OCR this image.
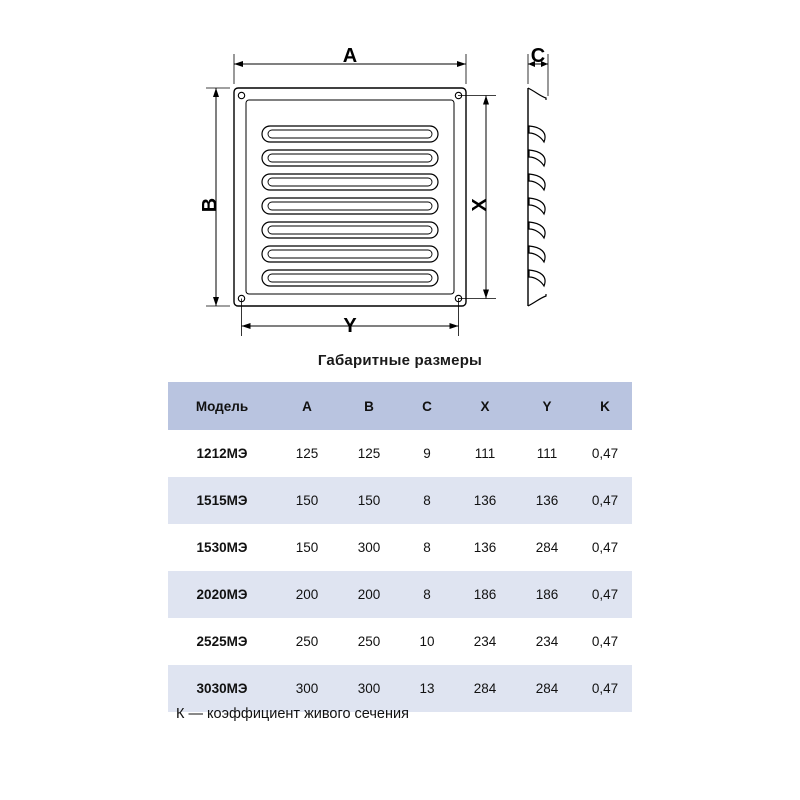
A
B
C
X
Y
Габаритные размеры
Модель	A	B	C	X	Y	K
1212МЭ	125	125	9	111	111	0,47
1515МЭ	150	150	8	136	136	0,47
1530МЭ	150	300	8	136	284	0,47
2020МЭ	200	200	8	186	186	0,47
2525МЭ	250	250	10	234	234	0,47
3030МЭ	300	300	13	284	284	0,47
К — коэффициент живого сечения
